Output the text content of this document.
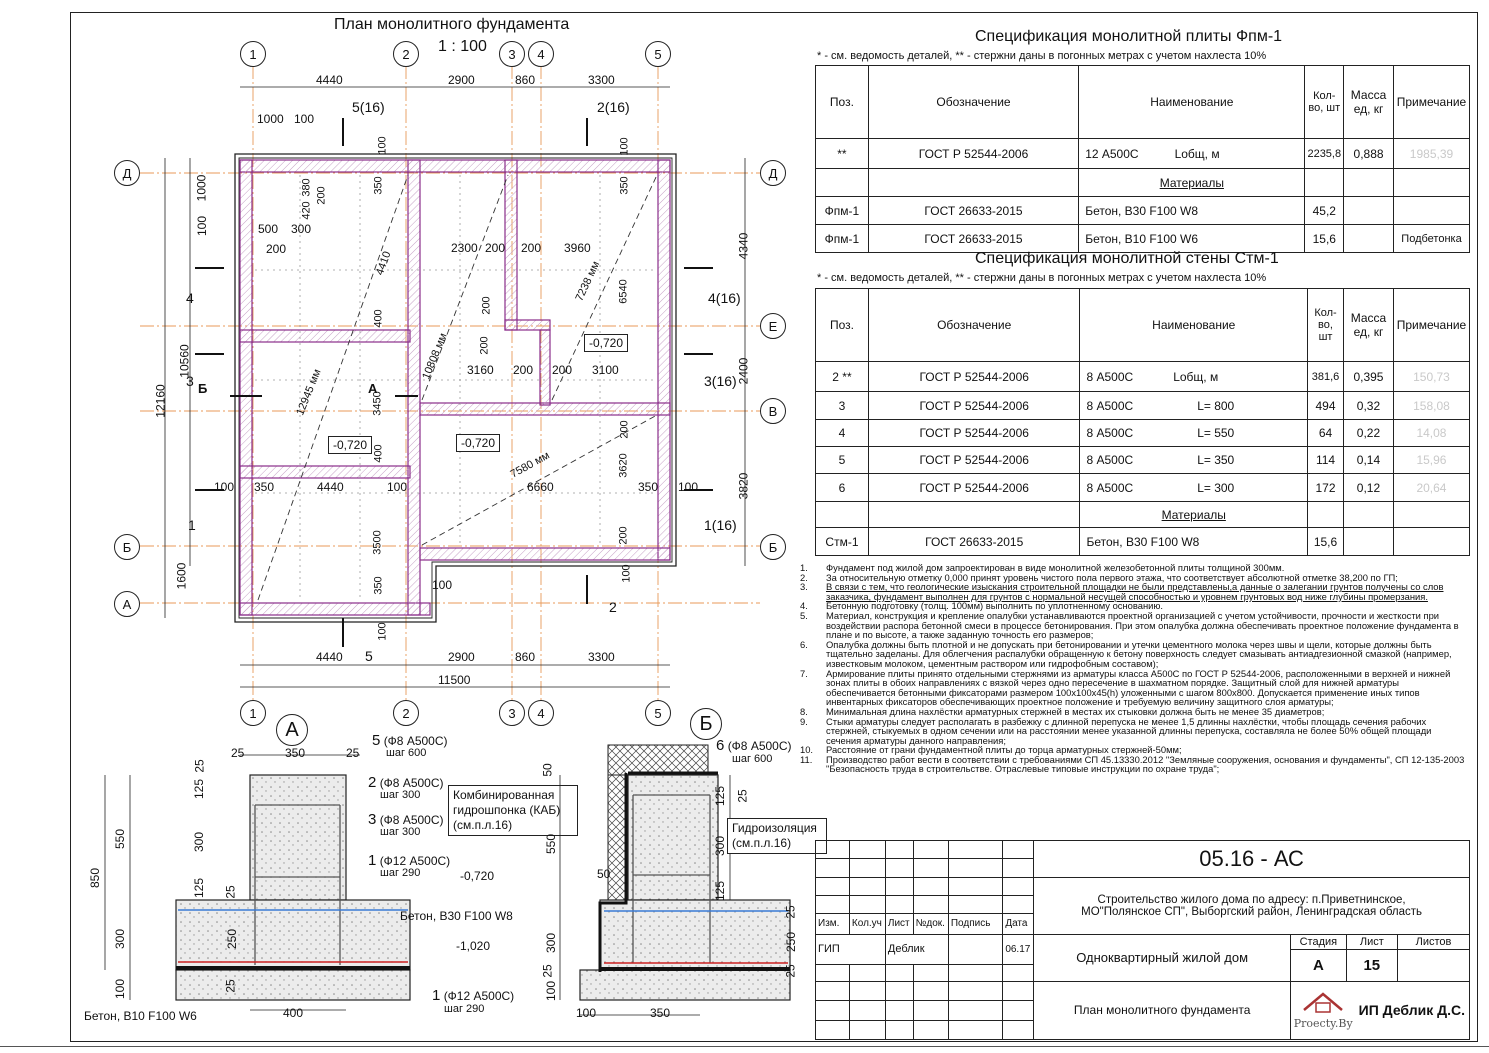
План монолитного фундамента
1 : 100
1	2	3	4	5
1	2	3	4	5
Д
Б
А
Д
Е
В
Б
4440	2900	860	3300
4440	2900	860	3300
11500
12160
10560
1600
1000
100
4340
2400
3820
1000 100
200
380
420
500 300
200	2300 200 200 3960
3160 200 200 3100
100 350	4440	100	6660	350 100
350
100
400
3450
400
3500
350
100
100
6540
3620
200
350
100
200
200
200
100
12945 мм
4410
10808 мм
7238 мм
7580 мм
-0,720	-0,720
-0,720
5(16)	2(16)
4	4(16)
3	3(16)
1	1(16)
5
2
Б	А
А
25	350	25
125
300
125
25
550
850
300	250
100
25
400
25
5 (Ф8 А500С)
шаг 600
2 (Ф8 А500С)
шаг 300
3 (Ф8 А500С)
шаг 300
1 (Ф12 А500С)
шаг 290
1 (Ф12 А500С)
шаг 290
-0,720
-1,020
Бетон, В30 F100 W8
Бетон, В10 F100 W6
Комбинированная
гидрошпонка (КАБ)
(см.п.л.16)
Б
50
125
300
550
125
25
50
300
25
25
250
100
25
100	350
6 (Ф8 А500С)
шаг 600
Гидроизоляция
(см.п.л.16)
Спецификация монолитной плиты Фпм-1
* - см. ведомость деталей, ** - стержни даны в погонных метрах с учетом нахлеста 10%
Поз.	Обозначение	Наименование	Кол-во, шт	Масса ед, кг	Примечание
**	ГОСТ Р 52544-2006	12 А500С Lобщ, м	2235,8	0,888	1985,39
		Материалы			
Фпм-1	ГОСТ 26633-2015	Бетон, В30 F100 W8	45,2		
Фпм-1	ГОСТ 26633-2015	Бетон, В10 F100 W6	15,6		Подбетонка
Спецификация монолитной стены Стм-1
* - см. ведомость деталей, ** - стержни даны в погонных метрах с учетом нахлеста 10%
Поз.	Обозначение	Наименование	Кол-во, шт	Масса ед, кг	Примечание
2 **	ГОСТ Р 52544-2006	8 А500С Lобщ, м	381,6	0,395	150,73
3	ГОСТ Р 52544-2006	8 А500С L= 800	494	0,32	158,08
4	ГОСТ Р 52544-2006	8 А500С L= 550	64	0,22	14,08
5	ГОСТ Р 52544-2006	8 А500С L= 350	114	0,14	15,96
6	ГОСТ Р 52544-2006	8 А500С L= 300	172	0,12	20,64
		Материалы			
Стм-1	ГОСТ 26633-2015	Бетон, В30 F100 W8	15,6		
1.	Фундамент под жилой дом запроектирован в виде монолитной железобетонной плиты толщиной 300мм.
2.	За относительную отметку 0,000 принят уровень чистого пола первого этажа, что соответствует абсолютной отметке 38,200 по ГП;
3.	В связи с тем, что геологические изыскания строительной площадки не были представлены,а данные о залегании грунтов получены со слов заказчика, фундамент выполнен для грунтов с нормальной несущей способностью и уровнем грунтовых вод ниже глубины промерзания.
4.	Бетонную подготовку (толщ. 100мм) выполнить по уплотненному основанию.
5.	Материал, конструкция и крепление опалубки устанавливаются проектной организацией с учетом устойчивости, прочности и жесткости при воздействии распора бетонной смеси в процессе бетонирования. При этом опалубка должна обеспечивать проектное положение фундамента в плане и по высоте, а также заданную точность его размеров;
6.	Опалубка должны быть плотной и не допускать при бетонировании и утечки цементного молока через швы и щели, которые должны быть тщательно заделаны. Для облегчения распалубки обращенную к бетону поверхность следует смазывать антиадгезионной смазкой (например, известковым молоком, цементным раствором или гидрофобным составом);
7.	Армирование плиты принято отдельными стержнями из арматуры класса А500С по ГОСТ Р 52544-2006, расположенными в верхней и нижней зонах плиты в обоих направлениях с вязкой через одно пересечение в шахматном порядке. Защитный слой для нижней арматуры обеспечивается бетонными фиксаторами размером 100х100х45(h) уложенными с шагом 800х800. Допускается применение иных типов инвентарных фиксаторов обеспечивающих проектное положение и требуемую величину защитного слоя арматуры;
8.	Минимальная длина нахлёстки арматурных стержней в местах их стыковки должна быть не менее 35 диаметров;
9.	Стыки арматуры следует располагать в разбежку с длинной перепуска не менее 1,5 длинны нахлёстки, чтобы площадь сечения рабочих стержней, стыкуемых в одном сечении или на расстоянии менее указанной длинны перепуска, составляла не более 50% общей площади сечения арматуры данного направления;
10.	Расстояние от грани фундаментной плиты до торца арматурных стержней-50мм;
11.	Производство работ вести в соответствии с требованиями СП 45.13330.2012 "Земляные сооружения, основания и фундаменты", СП 12-135-2003 "Безопасность труда в строительстве. Отраслевые типовые инструкции по охране труда";
						05.16 - АС			

						Строительство жилого дома по адресу: п.Приветнинское, МО"Полянское СП", Выборгский район, Ленинградская область			

Изм.	Кол.уч	Лист	№док.	Подпись	Дата				
ГИП		Деблик			06.17	Одноквартирный жилой дом	Стадия	Лист	Листов
							А	15	

						План монолитного фундамента	Proecty.By
ИП Деблик Д.С.		
